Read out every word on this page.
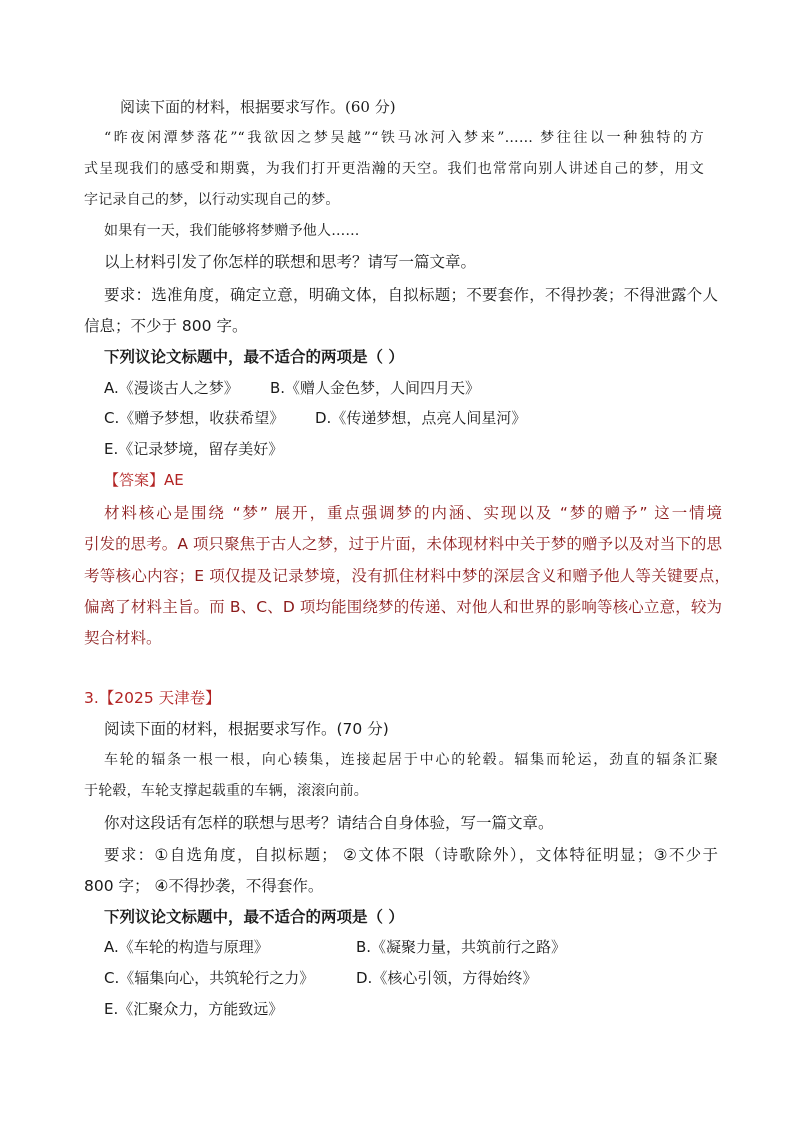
阅读下面的材料，根据要求写作。(60 分)
“昨夜闲潭梦落花”“我欲因之梦吴越”“铁马冰河入梦来”…… 梦往往以一种独特的方
式呈现我们的感受和期冀，为我们打开更浩瀚的天空。我们也常常向别人讲述自己的梦，用文
字记录自己的梦，以行动实现自己的梦。
如果有一天，我们能够将梦赠予他人……
以上材料引发了你怎样的联想和思考？请写一篇文章。
要求：选准角度，确定立意，明确文体，自拟标题；不要套作，不得抄袭；不得泄露个人
信息；不少于 800 字。
下列议论文标题中，最不适合的两项是（ ）
A.《漫谈古人之梦》 B.《赠人金色梦，人间四月天》
C.《赠予梦想，收获希望》 D.《传递梦想，点亮人间星河》
E.《记录梦境，留存美好》
【答案】AE
材料核心是围绕 “梦” 展开，重点强调梦的内涵、实现以及 “梦的赠予” 这一情境
引发的思考。A 项只聚焦于古人之梦，过于片面，未体现材料中关于梦的赠予以及对当下的思
考等核心内容；E 项仅提及记录梦境，没有抓住材料中梦的深层含义和赠予他人等关键要点，
偏离了材料主旨。而 B、C、D 项均能围绕梦的传递、对他人和世界的影响等核心立意，较为
契合材料。
3.【2025 天津卷】
阅读下面的材料，根据要求写作。(70 分)
车轮的辐条一根一根，向心辏集，连接起居于中心的轮毂。辐集而轮运，劲直的辐条汇聚
于轮毂，车轮支撑起载重的车辆，滚滚向前。
你对这段话有怎样的联想与思考？请结合自身体验，写一篇文章。
要求：①自选角度，自拟标题； ②文体不限（诗歌除外），文体特征明显；③不少于
800 字； ④不得抄袭，不得套作。
下列议论文标题中，最不适合的两项是（ ）
A.《车轮的构造与原理》	B.《凝聚力量，共筑前行之路》
C.《辐集向心，共筑轮行之力》	D.《核心引领，方得始终》
E.《汇聚众力，方能致远》
